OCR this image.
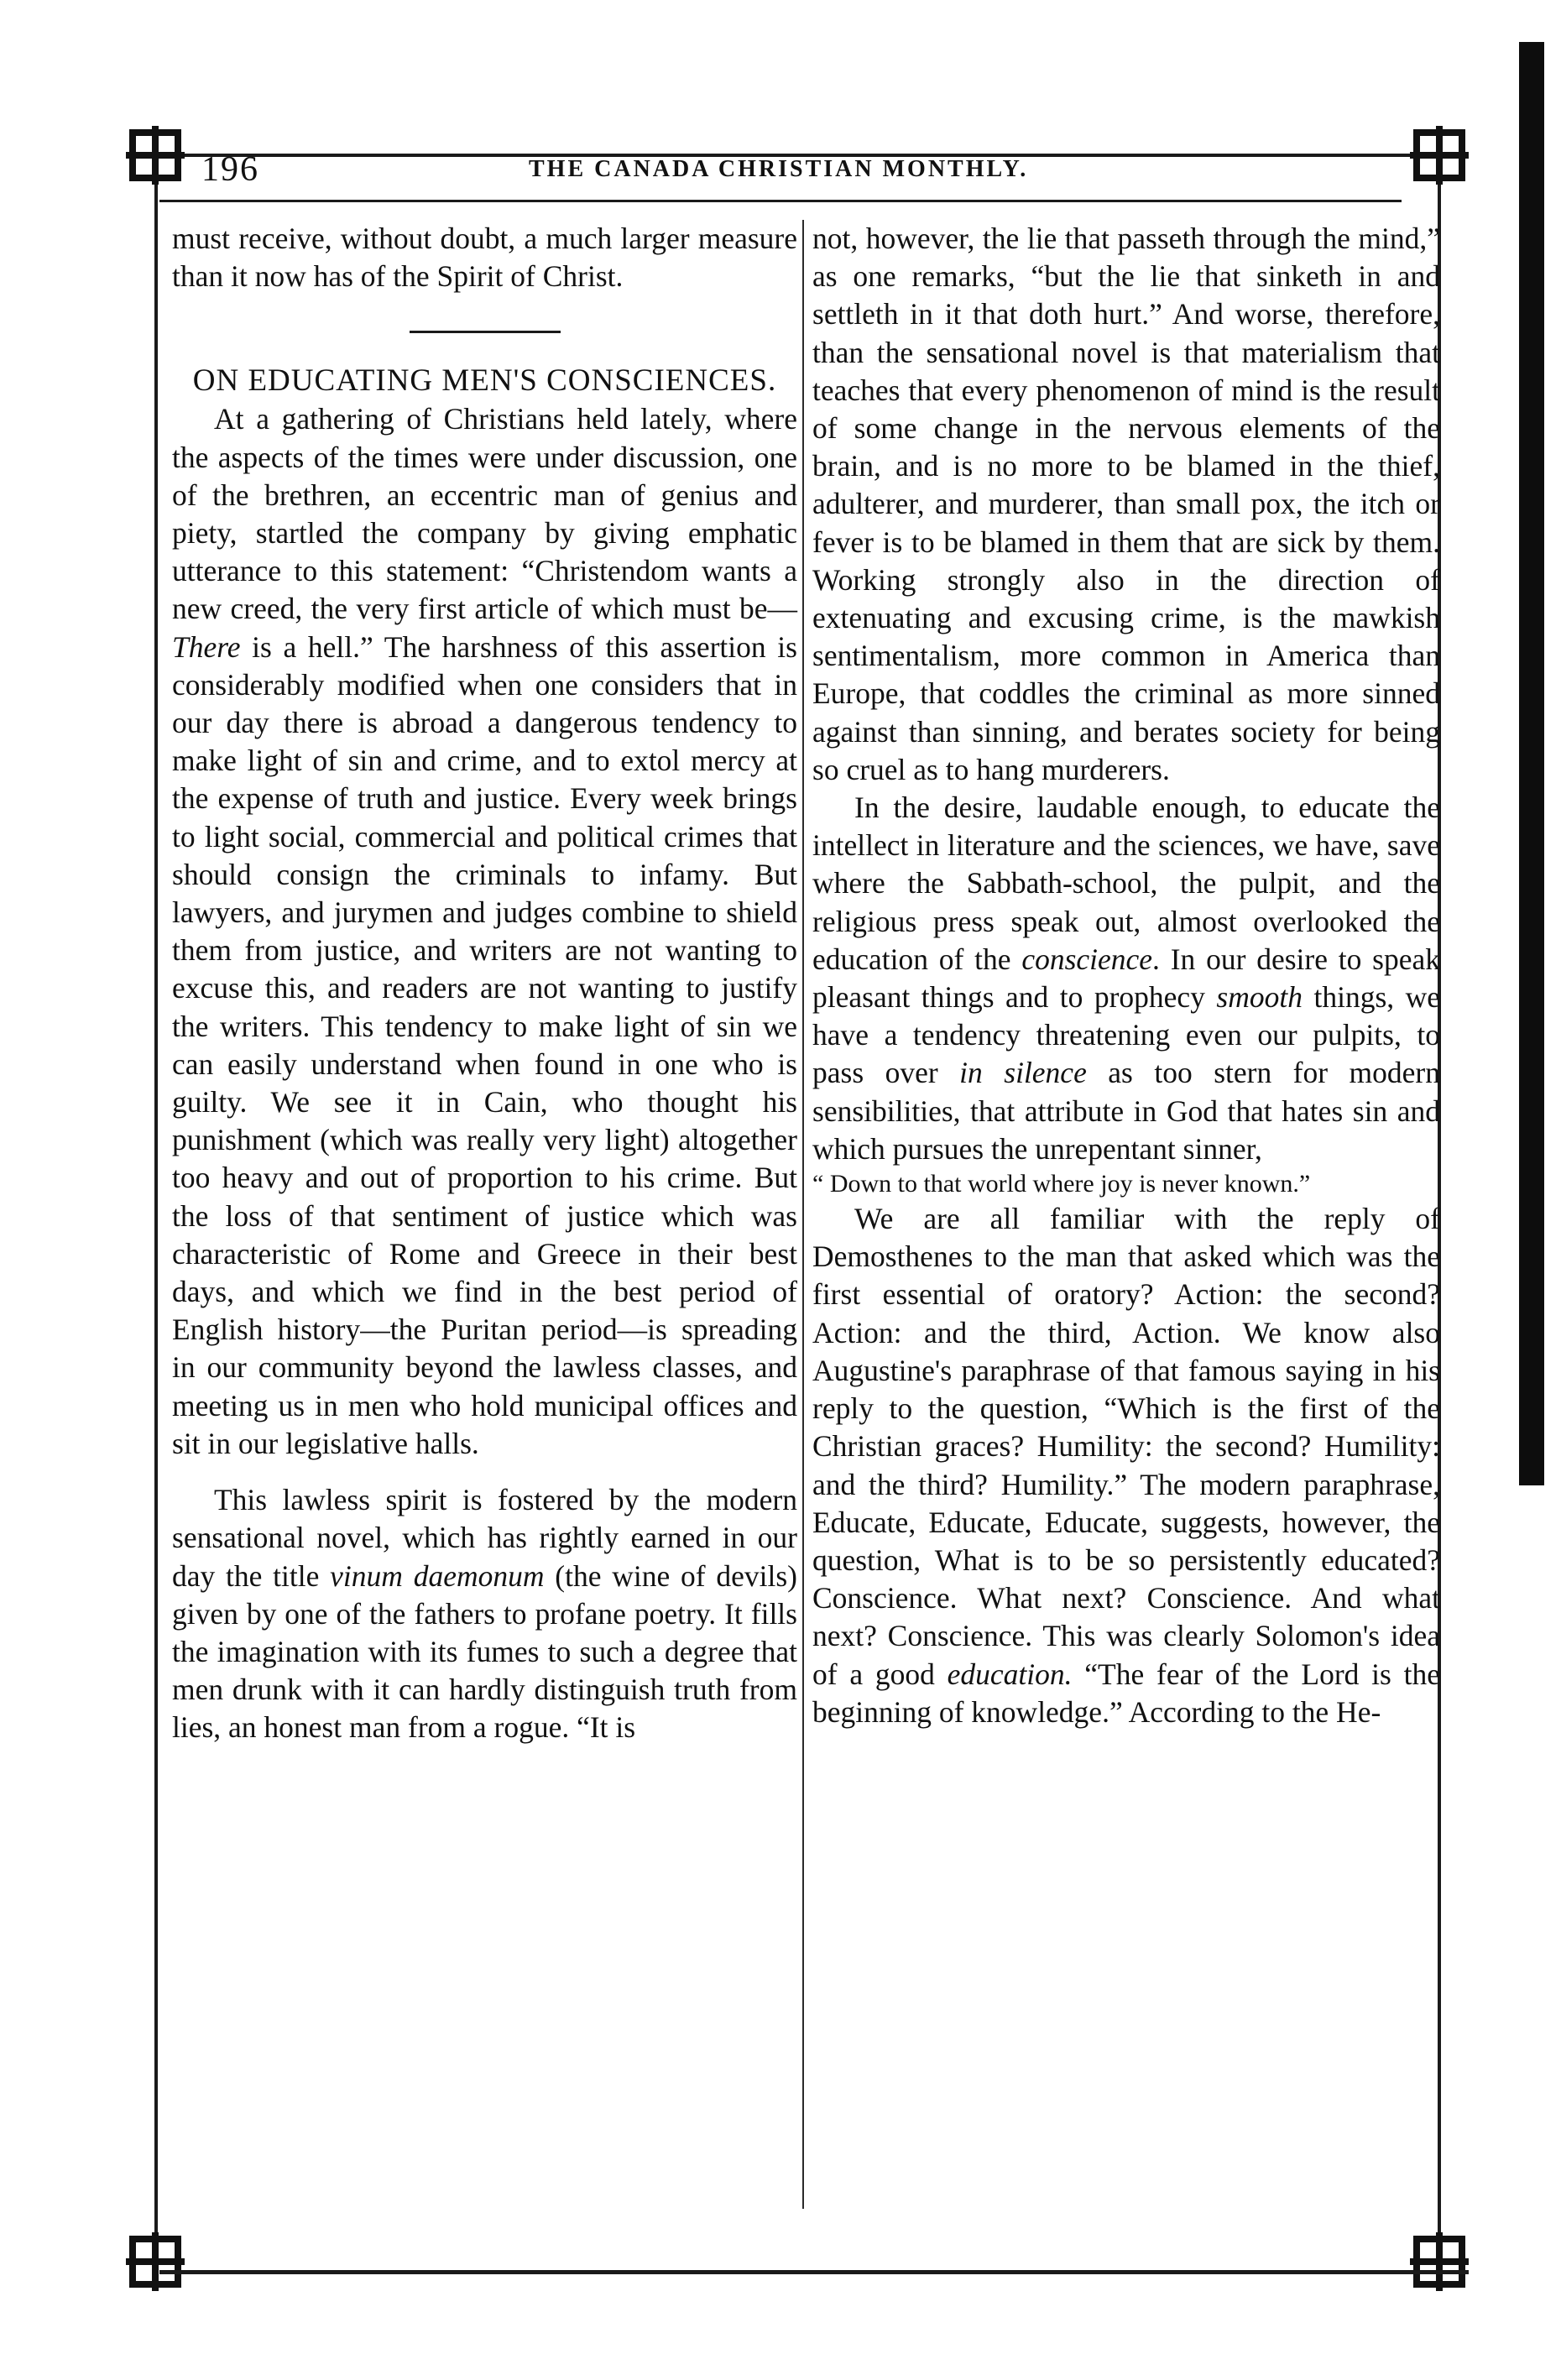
196	THE CANADA CHRISTIAN MONTHLY.

must receive, without doubt, a much larger measure than it now has of the Spirit of Christ.

ON EDUCATING MEN'S CONSCIENCES.

At a gathering of Christians held lately, where the aspects of the times were under discussion, one of the brethren, an eccentric man of genius and piety, startled the company by giving emphatic utterance to this statement: “Christendom wants a new creed, the very first article of which must be—There is a hell.” The harshness of this assertion is considerably modified when one considers that in our day there is abroad a dangerous tendency to make light of sin and crime, and to extol mercy at the expense of truth and justice. Every week brings to light social, commercial and political crimes that should consign the criminals to infamy. But lawyers, and jurymen and judges combine to shield them from justice, and writers are not wanting to excuse this, and readers are not wanting to justify the writers. This tendency to make light of sin we can easily understand when found in one who is guilty. We see it in Cain, who thought his punishment (which was really very light) altogether too heavy and out of proportion to his crime. But the loss of that sentiment of justice which was characteristic of Rome and Greece in their best days, and which we find in the best period of English history—the Puritan period—is spreading in our community beyond the lawless classes, and meeting us in men who hold municipal offices and sit in our legislative halls.

This lawless spirit is fostered by the modern sensational novel, which has rightly earned in our day the title vinum daemonum (the wine of devils) given by one of the fathers to profane poetry. It fills the imagination with its fumes to such a degree that men drunk with it can hardly distinguish truth from lies, an honest man from a rogue. “It is

not, however, the lie that passeth through the mind,” as one remarks, “but the lie that sinketh in and settleth in it that doth hurt.” And worse, therefore, than the sensational novel is that materialism that teaches that every phenomenon of mind is the result of some change in the nervous elements of the brain, and is no more to be blamed in the thief, adulterer, and murderer, than small pox, the itch or fever is to be blamed in them that are sick by them. Working strongly also in the direction of extenuating and excusing crime, is the mawkish sentimentalism, more common in America than Europe, that coddles the criminal as more sinned against than sinning, and berates society for being so cruel as to hang murderers.

In the desire, laudable enough, to educate the intellect in literature and the sciences, we have, save where the Sabbath-school, the pulpit, and the religious press speak out, almost overlooked the education of the conscience. In our desire to speak pleasant things and to prophecy smooth things, we have a tendency threatening even our pulpits, to pass over in silence as too stern for modern sensibilities, that attribute in God that hates sin and which pursues the unrepentant sinner,

“ Down to that world where joy is never known.”

We are all familiar with the reply of Demosthenes to the man that asked which was the first essential of oratory? Action: the second? Action: and the third, Action. We know also Augustine's paraphrase of that famous saying in his reply to the question, “Which is the first of the Christian graces? Humility: the second? Humility: and the third? Humility.” The modern paraphrase, Educate, Educate, Educate, suggests, however, the question, What is to be so persistently educated? Conscience. What next? Conscience. And what next? Conscience. This was clearly Solomon's idea of a good education. “The fear of the Lord is the beginning of knowledge.” According to the He-
